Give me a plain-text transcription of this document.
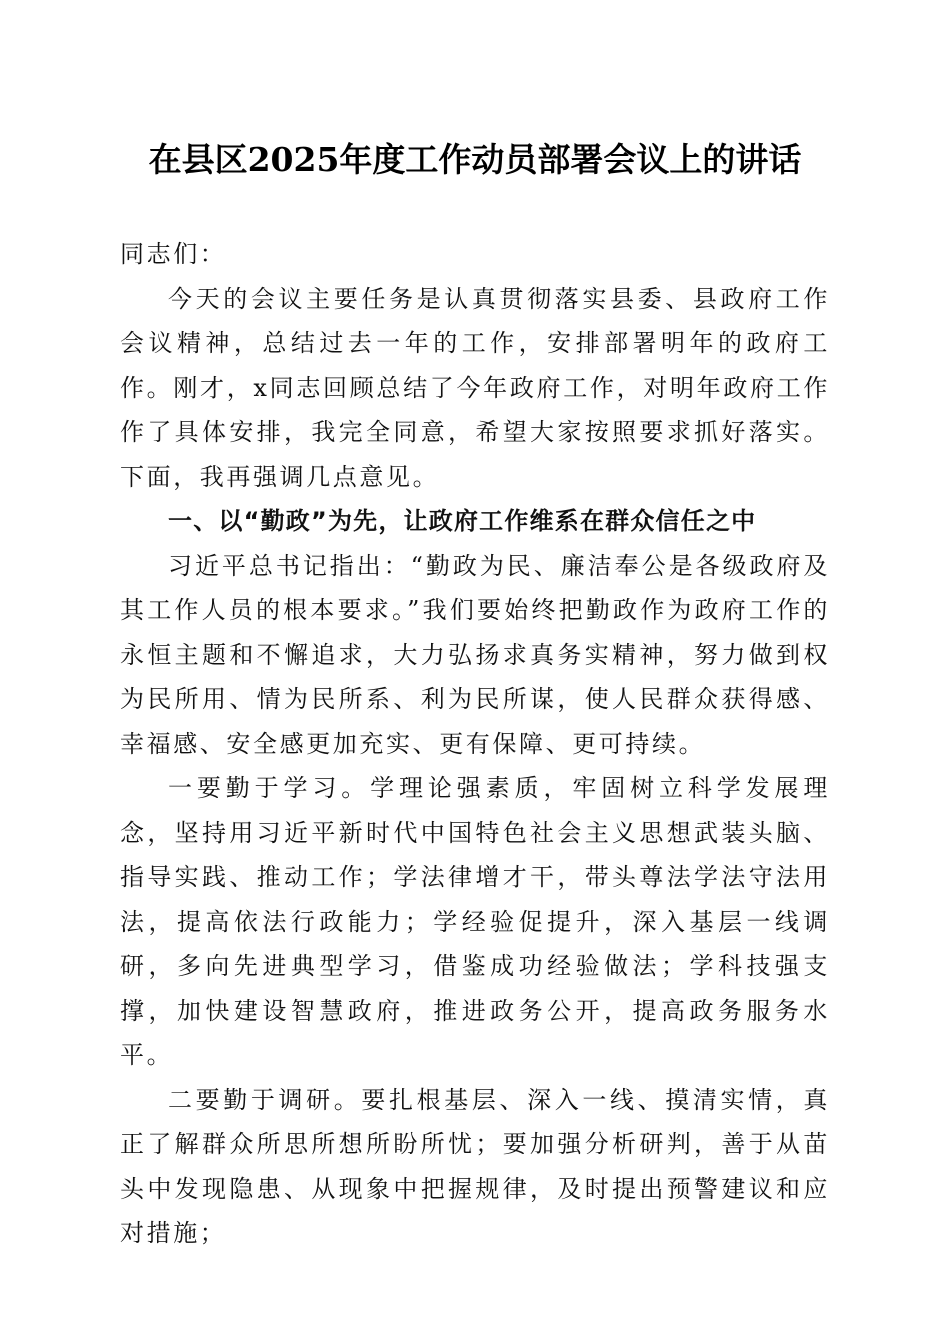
在县区2025年度工作动员部署会议上的讲话

同志们：

今天的会议主要任务是认真贯彻落实县委、县政府工作会议精神，总结过去一年的工作，安排部署明年的政府工作。刚才，x同志回顾总结了今年政府工作，对明年政府工作作了具体安排，我完全同意，希望大家按照要求抓好落实。下面，我再强调几点意见。

一、以“勤政”为先，让政府工作维系在群众信任之中

习近平总书记指出：“勤政为民、廉洁奉公是各级政府及其工作人员的根本要求。”我们要始终把勤政作为政府工作的永恒主题和不懈追求，大力弘扬求真务实精神，努力做到权为民所用、情为民所系、利为民所谋，使人民群众获得感、幸福感、安全感更加充实、更有保障、更可持续。

一要勤于学习。学理论强素质，牢固树立科学发展理念，坚持用习近平新时代中国特色社会主义思想武装头脑、指导实践、推动工作；学法律增才干，带头尊法学法守法用法，提高依法行政能力；学经验促提升，深入基层一线调研，多向先进典型学习，借鉴成功经验做法；学科技强支撑，加快建设智慧政府，推进政务公开，提高政务服务水平。

二要勤于调研。要扎根基层、深入一线、摸清实情，真正了解群众所思所想所盼所忧；要加强分析研判，善于从苗头中发现隐患、从现象中把握规律，及时提出预警建议和应对措施；
